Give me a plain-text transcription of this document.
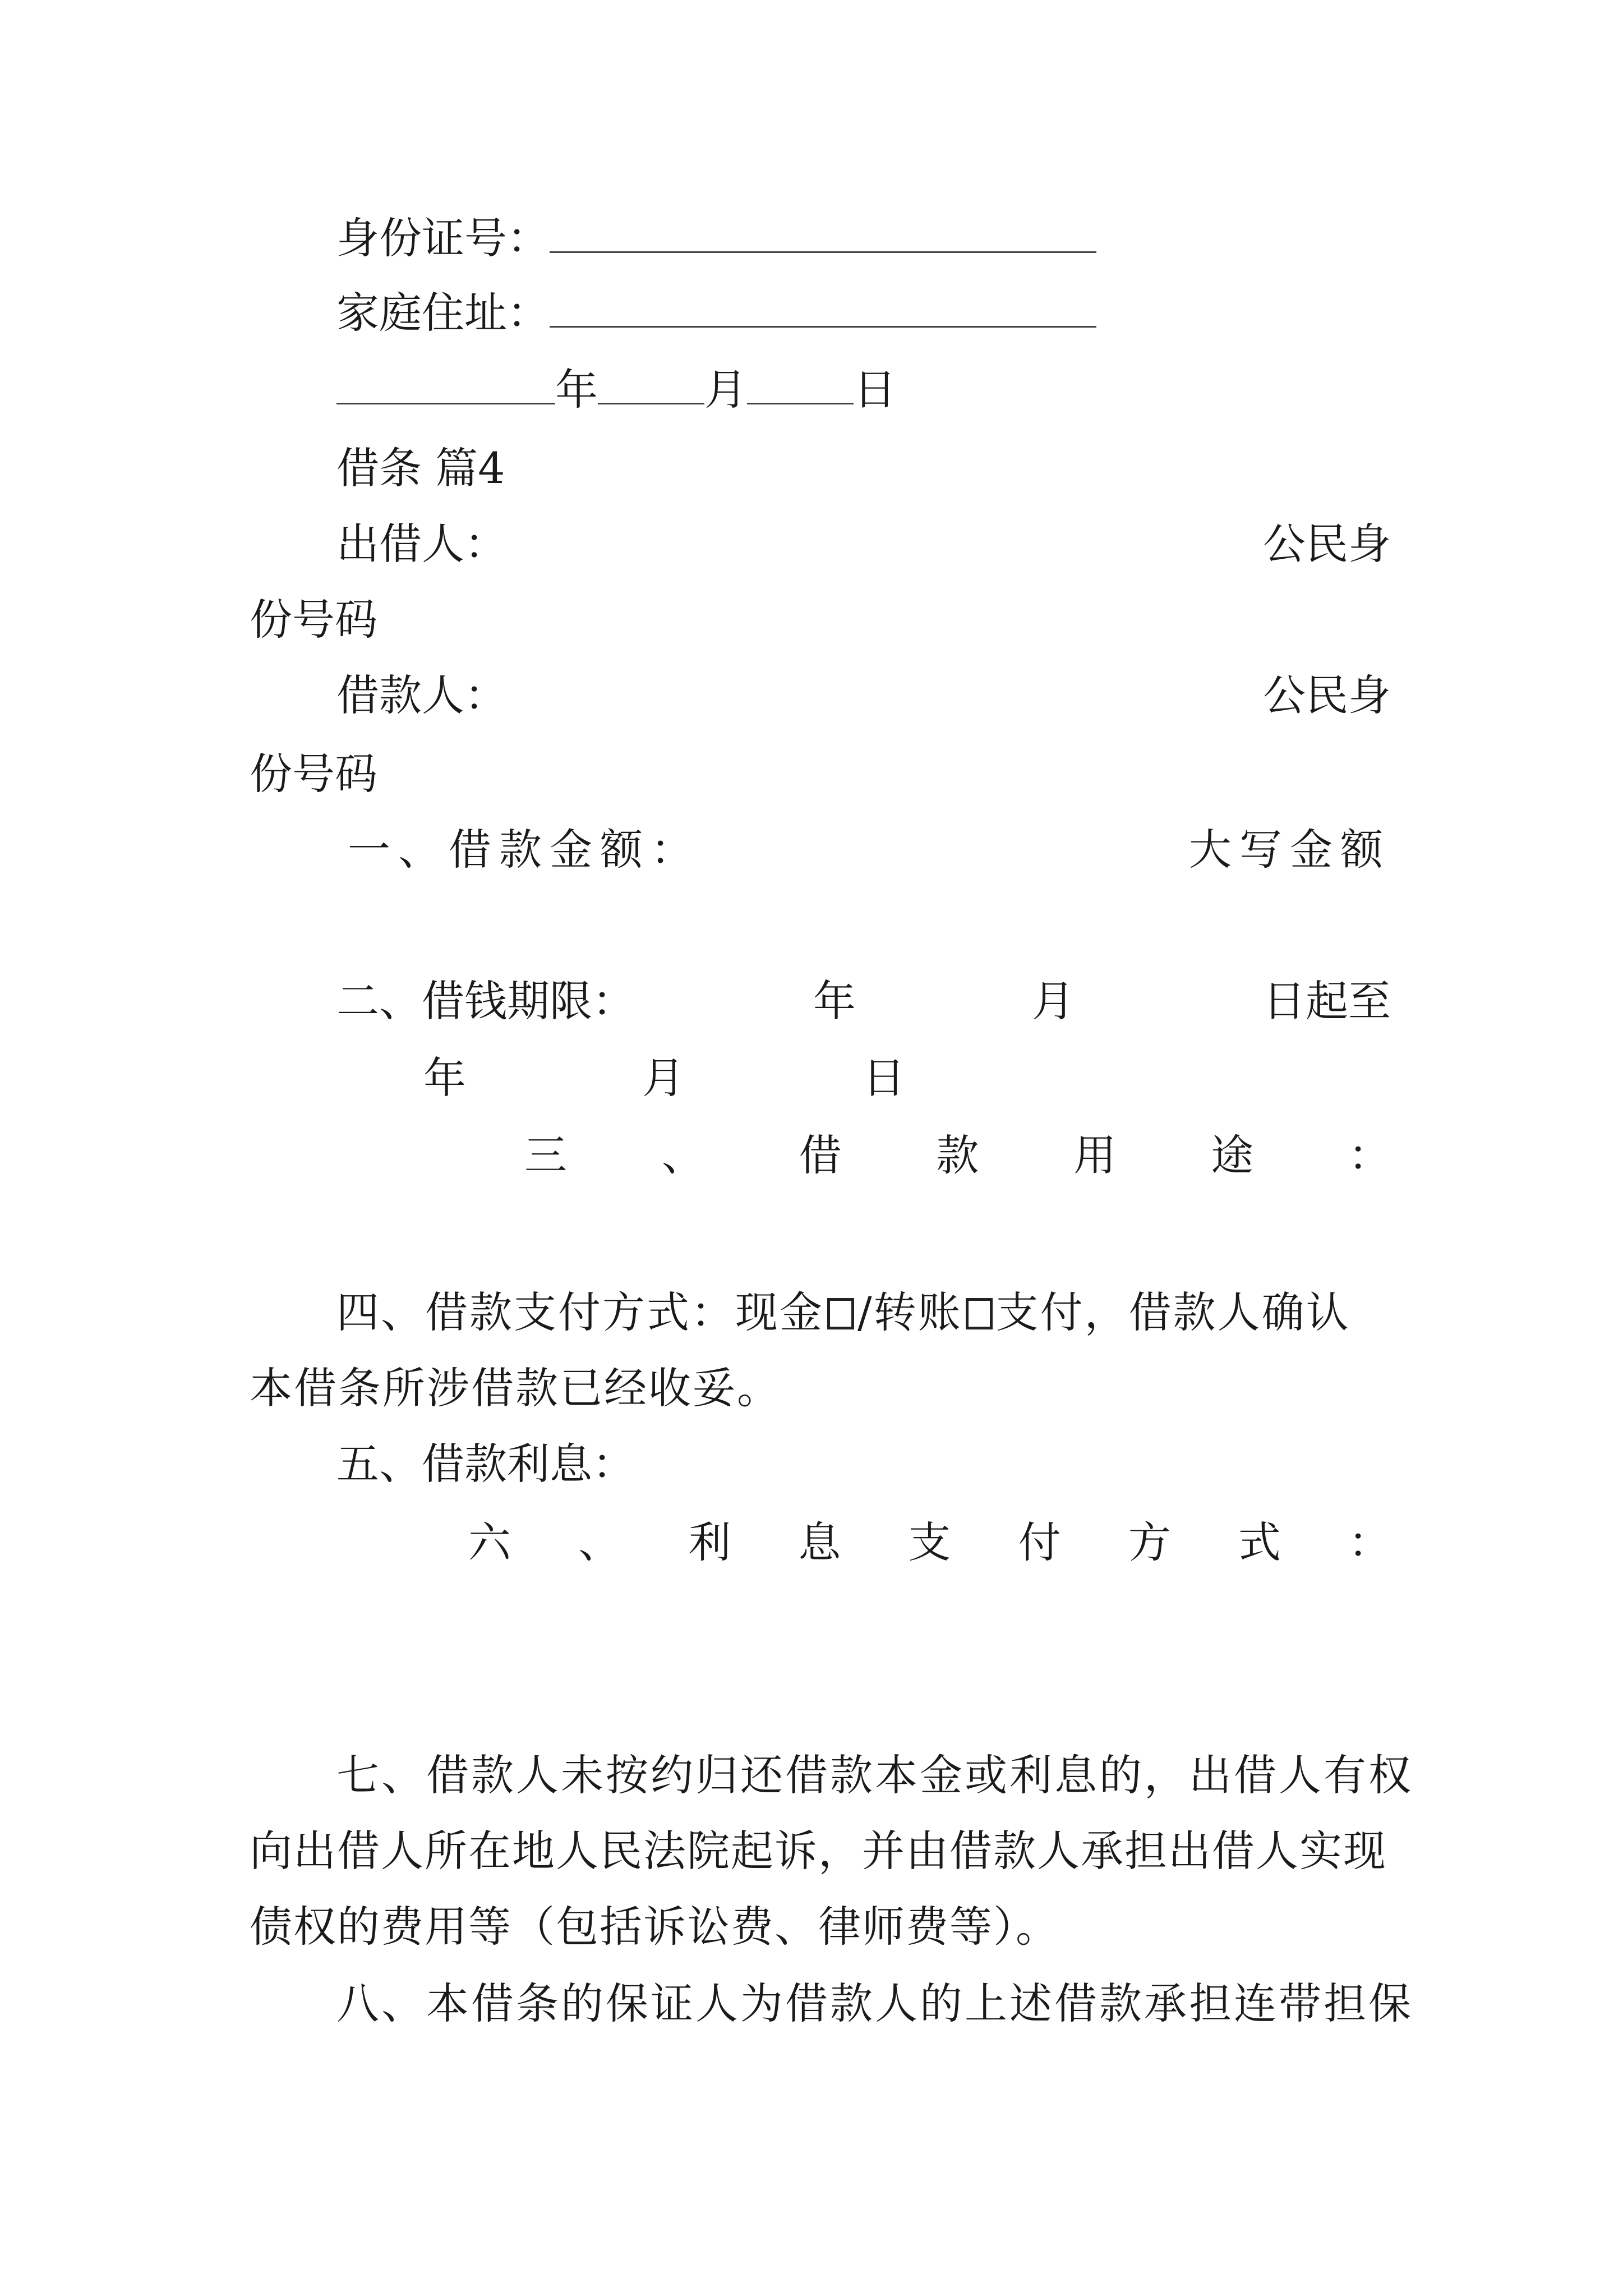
身份证号：
家庭住址：
年	月	日
借条 篇4
出借人：	公民身
份号码
借款人：	公民身
份号码
一、借款金额：	大写金额
二、借钱期限：	年	月	日起至
年	月	日
三 、 借 款 用 途 ：
四、借款支付方式：现金 /转账 支付，借款人确认
本借条所涉借款已经收妥。
五、借款利息：
六 、 利 息 支 付 方 式 ：
七、借款人未按约归还借款本金或利息的，出借人有权
向出借人所在地人民法院起诉，并由借款人承担出借人实现
债权的费用等（包括诉讼费、律师费等）。
八、本借条的保证人为借款人的上述借款承担连带担保
